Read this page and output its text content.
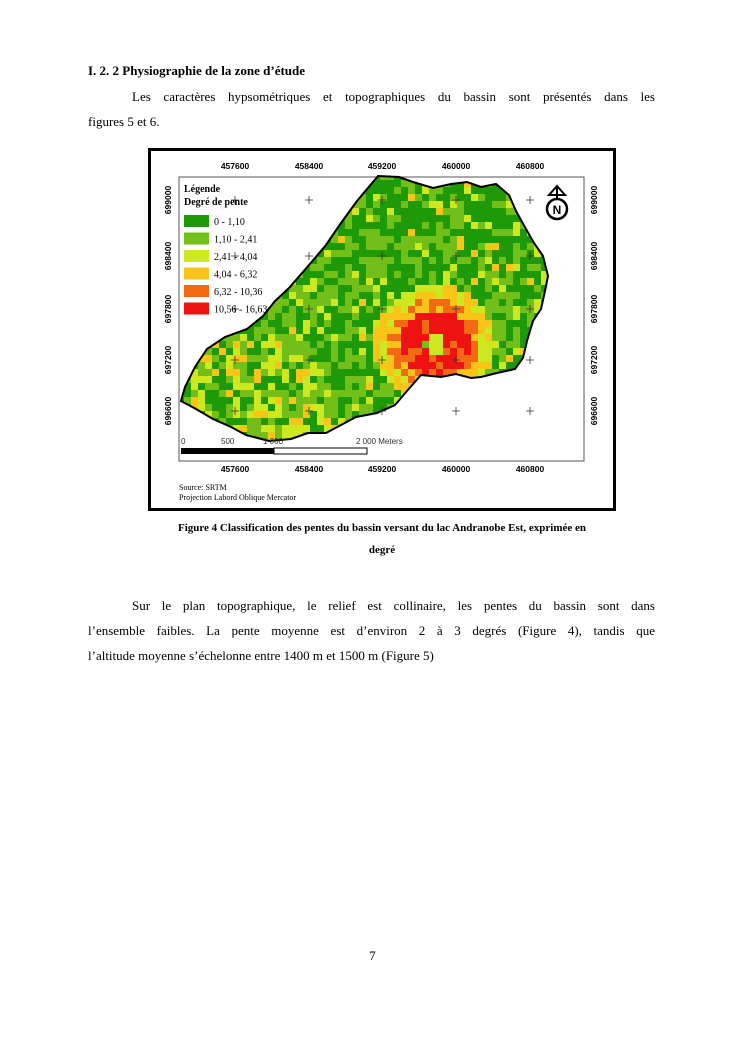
I. 2. 2 Physiographie de la zone d’étude
Les caractères hypsométriques et topographiques du bassin sont présentés dans les
figures 5 et 6.
457600	458400	459200	460000	460800
457600	458400	459200	460000	460800
699000
698400
697800
697200
696600
699000
698400
697800
697200
696600
Légende
Degré de pente
0 - 1,10
1,10 - 2,41
2,41 - 4,04
4,04 - 6,32
6,32 - 10,36
10,56 - 16,63
N
0	500	1 000	2 000 Meters
Source: SRTM
Projection Labord Oblique Mercator
Figure 4 Classification des pentes du bassin versant du lac Andranobe Est, exprimée en
degré
Sur le plan topographique, le relief est collinaire, les pentes du bassin sont dans
l’ensemble faibles. La pente moyenne est d’environ 2 à 3 degrés (Figure 4), tandis que
l’altitude moyenne s’échelonne entre 1400 m et 1500 m (Figure 5)
7
